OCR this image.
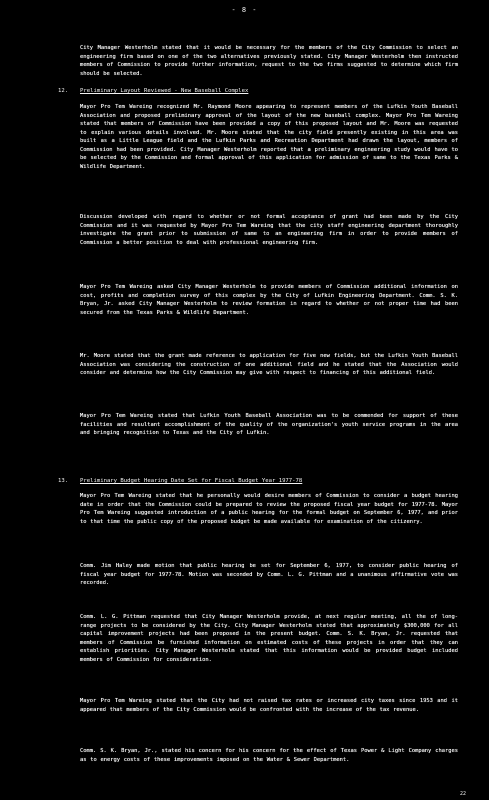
- 8 -
City Manager Westerholm stated that it would be necessary for the members of the City Commission to select an engineering firm based on one of the two alternatives previously stated. City Manager Westerholm then instructed members of Commission to provide further information, request to the two firms suggested to determine which firm should be selected.
12. Preliminary Layout Reviewed - New Baseball Complex
Mayor Pro Tem Wareing recognized Mr. Raymond Moore appearing to represent members of the Lufkin Youth Baseball Association and proposed preliminary approval of the layout of the new baseball complex. Mayor Pro Tem Wareing stated that members of Commission have been provided a copy of this proposed layout and Mr. Moore was requested to explain various details involved. Mr. Moore stated that the city field presently existing in this area was built as a Little League field and the Lufkin Parks and Recreation Department had drawn the layout, members of Commission had been provided. City Manager Westerholm reported that a preliminary engineering study would have to be selected by the Commission and formal approval of this application for admission of same to the Texas Parks & Wildlife Department.
Discussion developed with regard to whether or not formal acceptance of grant had been made by the City Commission and it was requested by Mayor Pro Tem Wareing that the city staff engineering department thoroughly investigate the grant prior to submission of same to an engineering firm in order to provide members of Commission a better position to deal with professional engineering firm.
Mayor Pro Tem Wareing asked City Manager Westerholm to provide members of Commission additional information on cost, profits and completion survey of this complex by the City of Lufkin Engineering Department. Comm. S. K. Bryan, Jr. asked City Manager Westerholm to review formation in regard to whether or not proper time had been secured from the Texas Parks & Wildlife Department.
Mr. Moore stated that the grant made reference to application for five new fields, but the Lufkin Youth Baseball Association was considering the construction of one additional field and he stated that the Association would consider and determine how the City Commission may give with respect to financing of this additional field.
Mayor Pro Tem Wareing stated that Lufkin Youth Baseball Association was to be commended for support of these facilities and resultant accomplishment of the quality of the organization's youth service programs in the area and bringing recognition to Texas and the City of Lufkin.
13. Preliminary Budget Hearing Date Set for Fiscal Budget Year 1977-78
Mayor Pro Tem Wareing stated that he personally would desire members of Commission to consider a budget hearing date in order that the Commission could be prepared to review the proposed fiscal year budget for 1977-78. Mayor Pro Tem Wareing suggested introduction of a public hearing for the formal budget on September 6, 1977, and prior to that time the public copy of the proposed budget be made available for examination of the citizenry.
Comm. Jim Haley made motion that public hearing be set for September 6, 1977, to consider public hearing of fiscal year budget for 1977-78. Motion was seconded by Comm. L. G. Pittman and a unanimous affirmative vote was recorded.
Comm. L. G. Pittman requested that City Manager Westerholm provide, at next regular meeting, all the of long-range projects to be considered by the City. City Manager Westerholm stated that approximately $300,000 for all capital improvement projects had been proposed in the present budget. Comm. S. K. Bryan, Jr. requested that members of Commission be furnished information on estimated costs of these projects in order that they can establish priorities. City Manager Westerholm stated that this information would be provided budget included members of Commission for consideration.
Mayor Pro Tem Wareing stated that the City had not raised tax rates or increased city taxes since 1953 and it appeared that members of the City Commission would be confronted with the increase of the tax revenue.
Comm. S. K. Bryan, Jr., stated his concern for his concern for the effect of Texas Power & Light Company charges as to energy costs of these improvements imposed on the Water & Sewer Department.
22
